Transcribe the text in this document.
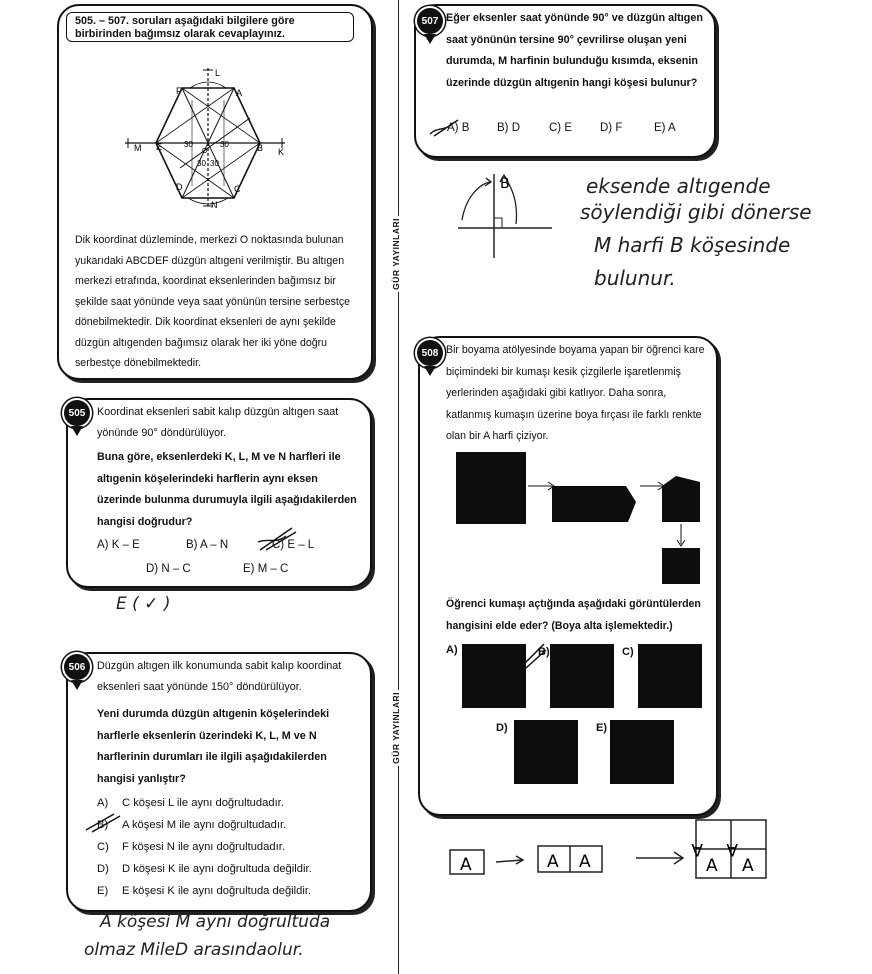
505. – 507. soruları aşağıdaki bilgilere göre birbirinden bağımsız olarak cevaplayınız.
L
K
M
N
A
B
C
D
E
F
O
30	30
30 30
Dik koordinat düzleminde, merkezi O noktasında bulunan yukarıdaki ABCDEF düzgün altıgeni verilmiştir. Bu altıgen merkezi etrafında, koordinat eksenlerinden bağımsız bir şekilde saat yönünde veya saat yönünün tersine serbestçe dönebilmektedir. Dik koordinat eksenleri de aynı şekilde düzgün altıgenden bağımsız olarak her iki yöne doğru serbestçe dönebilmektedir.
505	Koordinat eksenleri sabit kalıp düzgün altıgen saat yönünde 90° döndürülüyor.
Buna göre, eksenlerdeki K, L, M ve N harfleri ile altıgenin köşelerindeki harflerin aynı eksen üzerinde bulunma durumuyla ilgili aşağıdakilerden hangisi doğrudur?
A) K – E	B) A – N	C) E – L
D) N – C	E) M – C
E ( ✓ )
506	Düzgün altıgen ilk konumunda sabit kalıp koordinat eksenleri saat yönünde 150° döndürülüyor.
Yeni durumda düzgün altıgenin köşelerindeki harflerle eksenlerin üzerindeki K, L, M ve N harflerinin durumları ile ilgili aşağıdakilerden hangisi yanlıştır?
A) C köşesi L ile aynı doğrultudadır.
B) A köşesi M ile aynı doğrultudadır.
C) F köşesi N ile aynı doğrultudadır.
D) D köşesi K ile aynı doğrultuda değildir.
E) E köşesi K ile aynı doğrultuda değildir.
A köşesi M aynı doğrultuda
olmaz MileD arasındaolur.
GÜR YAYINLARI
GÜR YAYINLARI
507 Eğer eksenler saat yönünde 90° ve düzgün altıgen saat yönünün tersine 90° çevrilirse oluşan yeni durumda, M harfinin bulunduğu kısımda, eksenin üzerinde düzgün altıgenin hangi köşesi bulunur?
A) B B) D	C) E D) F	E) A
B	eksende altıgende
söylendiği gibi dönerse
M harfi B köşesinde
bulunur.
508 Bir boyama atölyesinde boyama yapan bir öğrenci kare biçimindeki bir kumaşı kesik çizgilerle işaretlenmiş yerlerinden aşağıdaki gibi katlıyor. Daha sonra, katlanmış kumaşın üzerine boya fırçası ile farklı renkte olan bir A harfi çiziyor.
Öğrenci kumaşı açtığında aşağıdaki görüntülerden hangisini elde eder? (Boya alta işlemektedir.)
A)	B)	C)
D)	E)
A	A A
A A
A A
